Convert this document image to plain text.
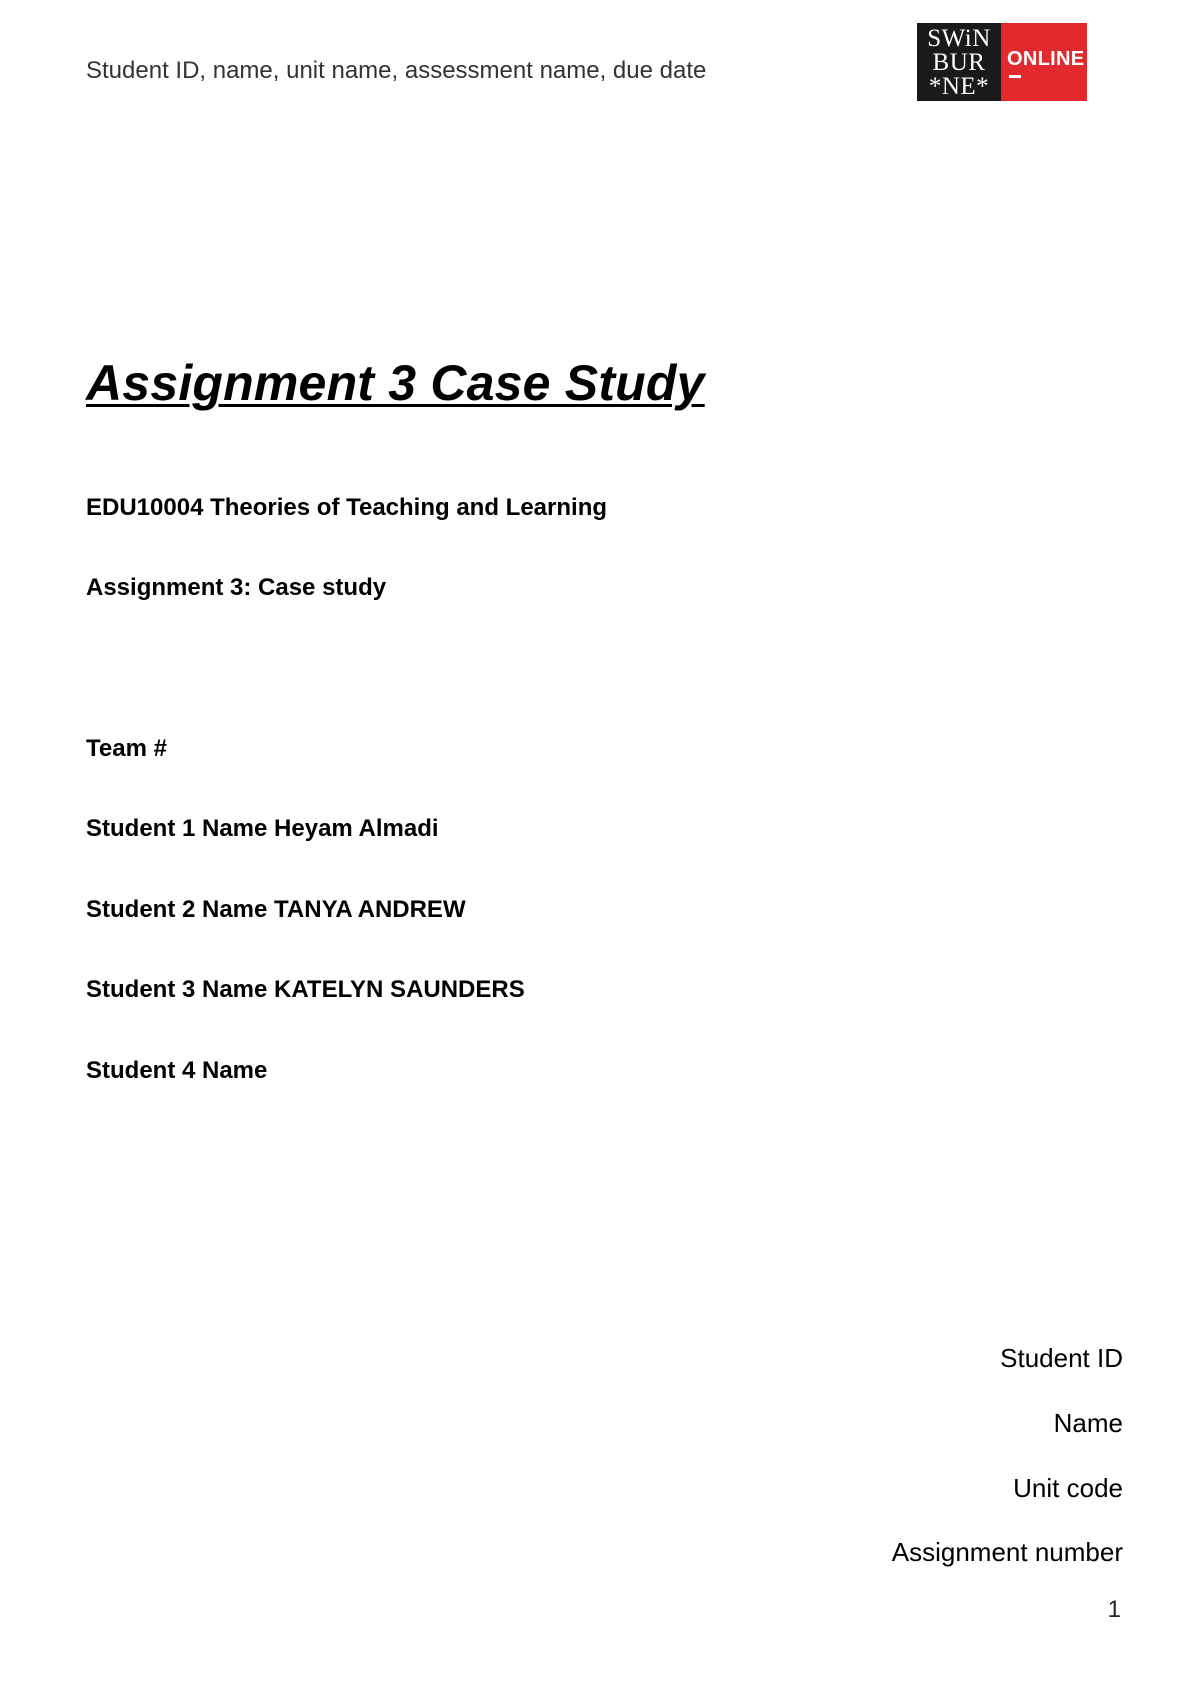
Student ID, name, unit name, assessment name, due date
SWiN
BUR
*NE*
ONLINE
Assignment 3 Case Study
EDU10004 Theories of Teaching and Learning
Assignment 3: Case study
Team #
Student 1 Name Heyam Almadi
Student 2 Name TANYA ANDREW
Student 3 Name KATELYN SAUNDERS
Student 4 Name
Student ID
Name
Unit code
Assignment number
1
